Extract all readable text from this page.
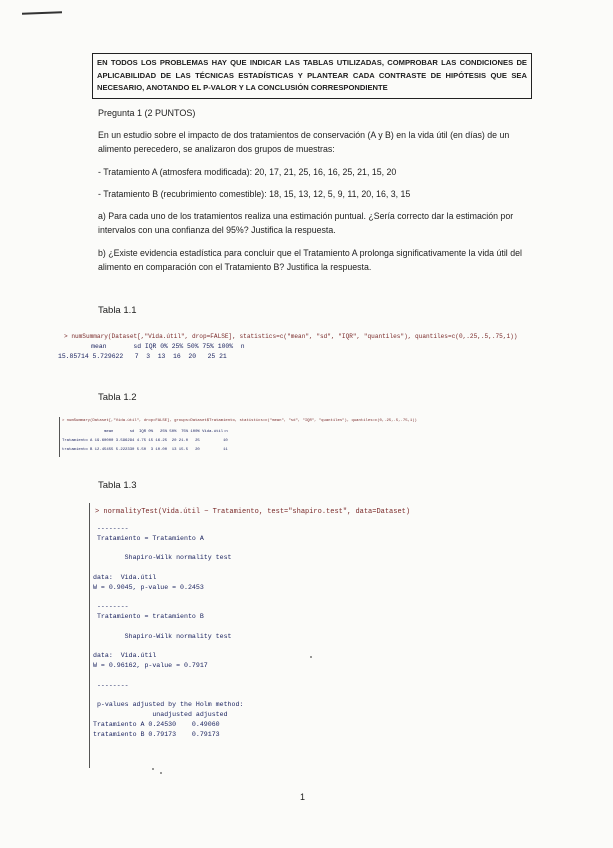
EN TODOS LOS PROBLEMAS HAY QUE INDICAR LAS TABLAS UTILIZADAS, COMPROBAR LAS CONDICIONES DE APLICABILIDAD DE LAS TÉCNICAS ESTADÍSTICAS Y PLANTEAR CADA CONTRASTE DE HIPÓTESIS QUE SEA NECESARIO, ANOTANDO EL P-VALOR Y LA CONCLUSIÓN CORRESPONDIENTE
Pregunta 1 (2 PUNTOS)
En un estudio sobre el impacto de dos tratamientos de conservación (A y B) en la vida útil (en días) de un alimento perecedero, se analizaron dos grupos de muestras:
- Tratamiento A (atmosfera modificada): 20, 17, 21, 25, 16, 16, 25, 21, 15, 20
- Tratamiento B (recubrimiento comestible): 18, 15, 13, 12, 5, 9, 11, 20, 16, 3, 15
a) Para cada uno de los tratamientos realiza una estimación puntual. ¿Sería correcto dar la estimación por intervalos con una confianza del 95%? Justifica la respuesta.
b) ¿Existe evidencia estadística para concluir que el Tratamiento A prolonga significativamente la vida útil del alimento en comparación con el Tratamiento B? Justifica la respuesta.
Tabla 1.1
> numSummary(Dataset[,"Vida.útil", drop=FALSE], statistics=c("mean", "sd", "IQR", "quantiles"), quantiles=c(0,.25,.5,.75,1))
mean       sd IQR 0% 25% 50% 75% 100%  n
15.85714 5.729622   7  3  13  16  20   25 21
Tabla 1.2
> numSummary(Dataset[,"Vida.útil", drop=FALSE], groups=Dataset$Tratamiento, statistics=c("mean", "sd", "IQR", "quantiles"), quantiles=c(0,.25,.5,.75,1))
mean       sd  IQR 0%   25% 50%  75% 100% Vida.útil:n
Tratamiento A 19.60000 3.596294 4.75 15 16.25  20 21.0   25          10
tratamiento B 12.45455 5.222330 5.50  3 10.00  13 15.5   20          11
Tabla 1.3
> normalityTest(Vida.útil ~ Tratamiento, test="shapiro.test", data=Dataset)
--------
Tratamiento = Tratamiento A

Shapiro-Wilk normality test

data:  Vida.útil
W = 0.9045, p-value = 0.2453

--------
Tratamiento = tratamiento B

Shapiro-Wilk normality test

data:  Vida.útil
W = 0.96162, p-value = 0.7917

--------

p-values adjusted by the Holm method:
unadjusted adjusted
Tratamiento A 0.24530    0.49060
tratamiento B 0.79173    0.79173
1
